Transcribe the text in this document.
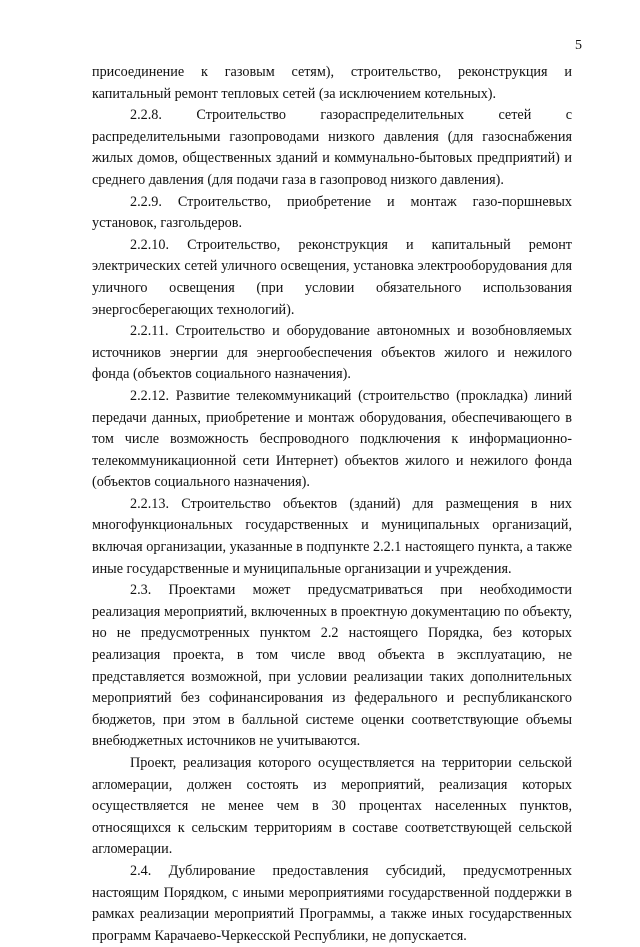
5

присоединение к газовым сетям), строительство, реконструкция и капитальный ремонт тепловых сетей (за исключением котельных).

2.2.8. Строительство газораспределительных сетей с распределительными газопроводами низкого давления (для газоснабжения жилых домов, общественных зданий и коммунально-бытовых предприятий) и среднего давления (для подачи газа в газопровод низкого давления).

2.2.9. Строительство, приобретение и монтаж газо-поршневых установок, газгольдеров.

2.2.10. Строительство, реконструкция и капитальный ремонт электрических сетей уличного освещения, установка электрооборудования для уличного освещения (при условии обязательного использования энергосберегающих технологий).

2.2.11. Строительство и оборудование автономных и возобновляемых источников энергии для энергообеспечения объектов жилого и нежилого фонда (объектов социального назначения).

2.2.12. Развитие телекоммуникаций (строительство (прокладка) линий передачи данных, приобретение и монтаж оборудования, обеспечивающего в том числе возможность беспроводного подключения к информационно-телекоммуникационной сети Интернет) объектов жилого и нежилого фонда (объектов социального назначения).

2.2.13. Строительство объектов (зданий) для размещения в них многофункциональных государственных и муниципальных организаций, включая организации, указанные в подпункте 2.2.1 настоящего пункта, а также иные государственные и муниципальные организации и учреждения.

2.3. Проектами может предусматриваться при необходимости реализация мероприятий, включенных в проектную документацию по объекту, но не предусмотренных пунктом 2.2 настоящего Порядка, без которых реализация проекта, в том числе ввод объекта в эксплуатацию, не представляется возможной, при условии реализации таких дополнительных мероприятий без софинансирования из федерального и республиканского бюджетов, при этом в балльной системе оценки соответствующие объемы внебюджетных источников не учитываются.

Проект, реализация которого осуществляется на территории сельской агломерации, должен состоять из мероприятий, реализация которых осуществляется не менее чем в 30 процентах населенных пунктов, относящихся к сельским территориям в составе соответствующей сельской агломерации.

2.4. Дублирование предоставления субсидий, предусмотренных настоящим Порядком, с иными мероприятиями государственной поддержки в рамках реализации мероприятий Программы, а также иных государственных программ Карачаево-Черкесской Республики, не допускается.
